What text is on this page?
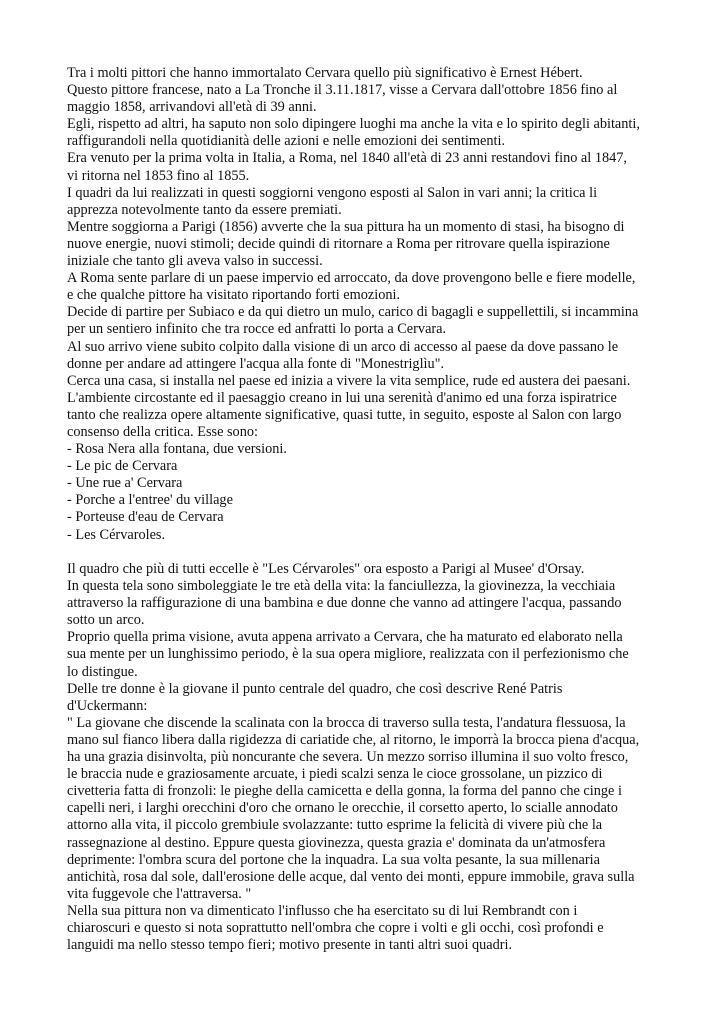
Tra i molti pittori che hanno immortalato Cervara quello più significativo è Ernest Hébert.
Questo pittore francese, nato a La Tronche il 3.11.1817, visse a Cervara dall'ottobre 1856 fino al
maggio 1858, arrivandovi all'età di 39 anni.
Egli, rispetto ad altri, ha saputo non solo dipingere luoghi ma anche la vita e lo spirito degli abitanti,
raffigurandoli nella quotidianità delle azioni e nelle emozioni dei sentimenti.
Era venuto per la prima volta in Italia, a Roma, nel 1840 all'età di 23 anni restandovi fino al 1847,
vi ritorna nel 1853 fino al 1855.
I quadri da lui realizzati in questi soggiorni vengono esposti al Salon in vari anni; la critica li
apprezza notevolmente tanto da essere premiati.
Mentre soggiorna a Parigi (1856) avverte che la sua pittura ha un momento di stasi, ha bisogno di
nuove energie, nuovi stimoli; decide quindi di ritornare a Roma per ritrovare quella ispirazione
iniziale che tanto gli aveva valso in successi.
A Roma sente parlare di un paese impervio ed arroccato, da dove provengono belle e fiere modelle,
e che qualche pittore ha visitato riportando forti emozioni.
Decide di partire per Subiaco e da qui dietro un mulo, carico di bagagli e suppellettili, si incammina
per un sentiero infinito che tra rocce ed anfratti lo porta a Cervara.
Al suo arrivo viene subito colpito dalla visione di un arco di accesso al paese da dove passano le
donne per andare ad attingere l'acqua alla fonte di "Monestriglìu".
Cerca una casa, si installa nel paese ed inizia a vivere la vita semplice, rude ed austera dei paesani.
L'ambiente circostante ed il paesaggio creano in lui una serenità d'animo ed una forza ispiratrice
tanto che realizza opere altamente significative, quasi tutte, in seguito, esposte al Salon con largo
consenso della critica. Esse sono:
- Rosa Nera alla fontana, due versioni.
- Le pic de Cervara
- Une rue a' Cervara
- Porche a l'entree' du village
- Porteuse d'eau de Cervara
- Les Cérvaroles.
Il quadro che più di tutti eccelle è "Les Cérvaroles" ora esposto a Parigi al Musee' d'Orsay.
In questa tela sono simboleggiate le tre età della vita: la fanciullezza, la giovinezza, la vecchiaia
attraverso la raffigurazione di una bambina e due donne che vanno ad attingere l'acqua, passando
sotto un arco.
Proprio quella prima visione, avuta appena arrivato a Cervara, che ha maturato ed elaborato nella
sua mente per un lunghissimo periodo, è la sua opera migliore, realizzata con il perfezionismo che
lo distingue.
Delle tre donne è la giovane il punto centrale del quadro, che così descrive René Patris
d'Uckermann:
" La giovane che discende la scalinata con la brocca di traverso sulla testa, l'andatura flessuosa, la
mano sul fianco libera dalla rigidezza di cariatide che, al ritorno, le imporrà la brocca piena d'acqua,
ha una grazia disinvolta, più noncurante che severa. Un mezzo sorriso illumina il suo volto fresco,
le braccia nude e graziosamente arcuate, i piedi scalzi senza le cioce grossolane, un pizzico di
civetteria fatta di fronzoli: le pieghe della camicetta e della gonna, la forma del panno che cinge i
capelli neri, i larghi orecchini d'oro che ornano le orecchie, il corsetto aperto, lo scialle annodato
attorno alla vita, il piccolo grembiule svolazzante: tutto esprime la felicità di vivere più che la
rassegnazione al destino. Eppure questa giovinezza, questa grazia e' dominata da un'atmosfera
deprimente: l'ombra scura del portone che la inquadra. La sua volta pesante, la sua millenaria
antichità, rosa dal sole, dall'erosione delle acque, dal vento dei monti, eppure immobile, grava sulla
vita fuggevole che l'attraversa. "
Nella sua pittura non va dimenticato l'influsso che ha esercitato su di lui Rembrandt con i
chiaroscuri e questo si nota soprattutto nell'ombra che copre i volti e gli occhi, così profondi e
languidi ma nello stesso tempo fieri; motivo presente in tanti altri suoi quadri.
